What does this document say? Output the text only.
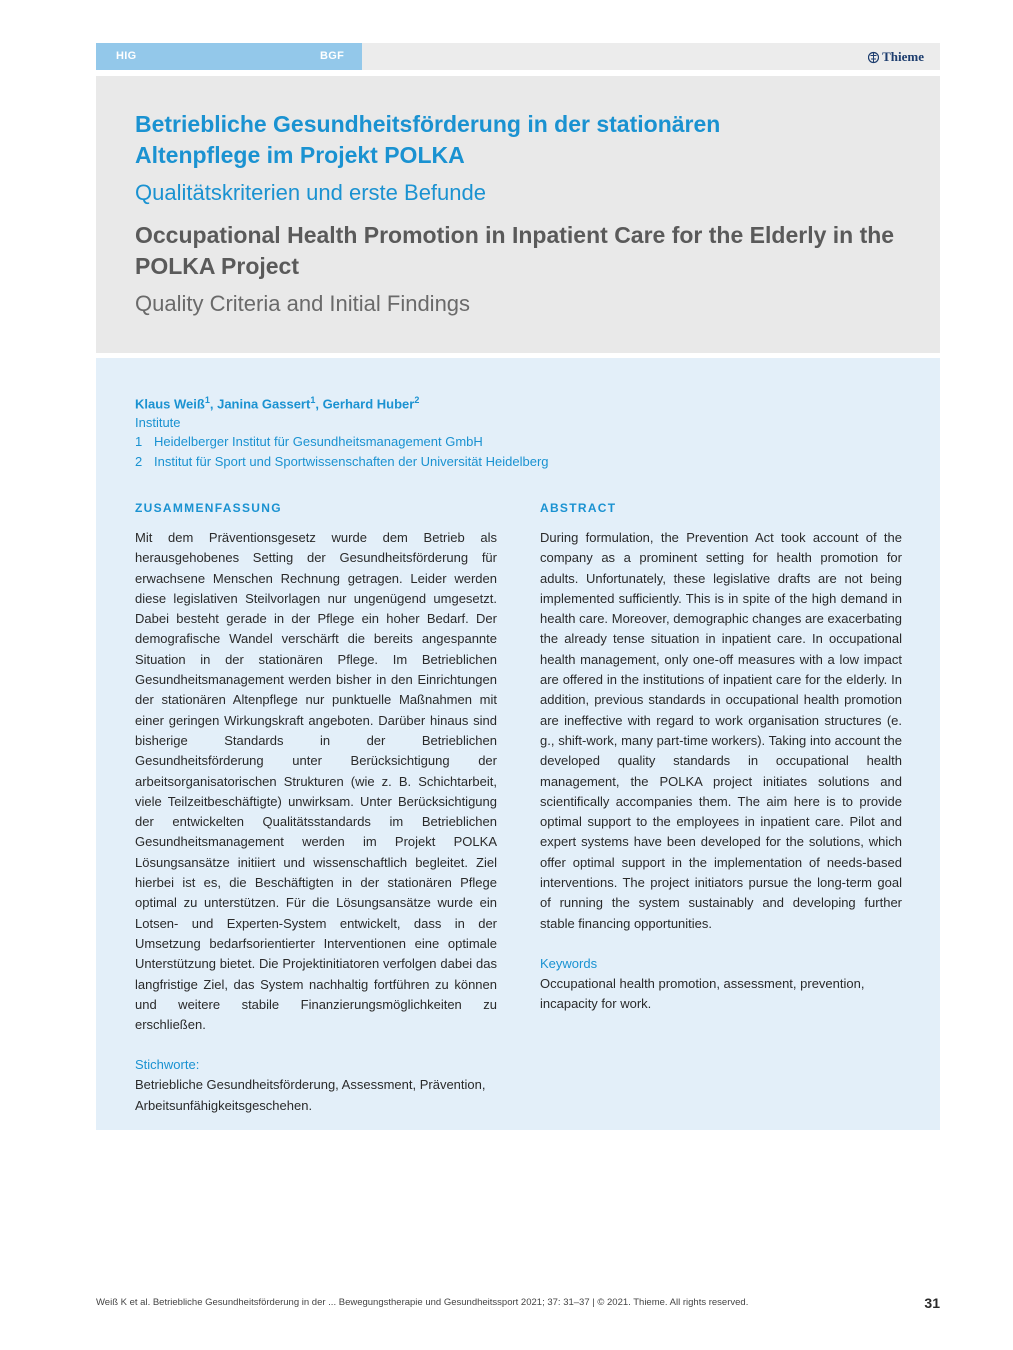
HIG	BGF	Thieme
Betriebliche Gesundheitsförderung in der stationären Altenpflege im Projekt POLKA
Qualitätskriterien und erste Befunde
Occupational Health Promotion in Inpatient Care for the Elderly in the POLKA Project
Quality Criteria and Initial Findings
Klaus Weiß$^1$, Janina Gassert$^1$, Gerhard Huber$^2$
Institute
1 Heidelberger Institut für Gesundheitsmanagement GmbH
2 Institut für Sport und Sportwissenschaften der Universität Heidelberg
ZUSAMMENFASSUNG

Mit dem Präventionsgesetz wurde dem Betrieb als herausgehobenes Setting der Gesundheitsförderung für erwachsene Menschen Rechnung getragen. Leider werden diese legislativen Steilvorlagen nur ungenügend umgesetzt. Dabei besteht gerade in der Pflege ein hoher Bedarf. Der demografische Wandel verschärft die bereits angespannte Situation in der stationären Pflege. Im Betrieblichen Gesundheitsmanagement werden bisher in den Einrichtungen der stationären Altenpflege nur punktuelle Maßnahmen mit einer geringen Wirkungskraft angeboten. Darüber hinaus sind bisherige Standards in der Betrieblichen Gesundheitsförderung unter Berücksichtigung der arbeitsorganisatorischen Strukturen (wie z. B. Schichtarbeit, viele Teilzeitbeschäftigte) unwirksam. Unter Berücksichtigung der entwickelten Qualitätsstandards im Betrieblichen Gesundheitsmanagement werden im Projekt POLKA Lösungsansätze initiiert und wissenschaftlich begleitet. Ziel hierbei ist es, die Beschäftigten in der stationären Pflege optimal zu unterstützen. Für die Lösungsansätze wurde ein Lotsen- und Experten-System entwickelt, dass in der Umsetzung bedarfsorientierter Interventionen eine optimale Unterstützung bietet. Die Projektinitiatoren verfolgen dabei das langfristige Ziel, das System nachhaltig fortführen zu können und weitere stabile Finanzierungsmöglichkeiten zu erschließen.

Stichworte:
Betriebliche Gesundheitsförderung, Assessment, Prävention, Arbeitsunfähigkeitsgeschehen.
ABSTRACT

During formulation, the Prevention Act took account of the company as a prominent setting for health promotion for adults. Unfortunately, these legislative drafts are not being implemented sufficiently. This is in spite of the high demand in health care. Moreover, demographic changes are exacerbating the already tense situation in inpatient care. In occupational health management, only one-off measures with a low impact are offered in the institutions of inpatient care for the elderly. In addition, previous standards in occupational health promotion are ineffective with regard to work organisation structures (e. g., shift-work, many part-time workers). Taking into account the developed quality standards in occupational health management, the POLKA project initiates solutions and scientifically accompanies them. The aim here is to provide optimal support to the employees in inpatient care. Pilot and expert systems have been developed for the solutions, which offer optimal support in the implementation of needs-based interventions. The project initiators pursue the long-term goal of running the system sustainably and developing further stable financing opportunities.

Keywords
Occupational health promotion, assessment, prevention, incapacity for work.
Weiß K et al. Betriebliche Gesundheitsförderung in der ... Bewegungstherapie und Gesundheitssport 2021; 37: 31–37 | © 2021. Thieme. All rights reserved.	31
